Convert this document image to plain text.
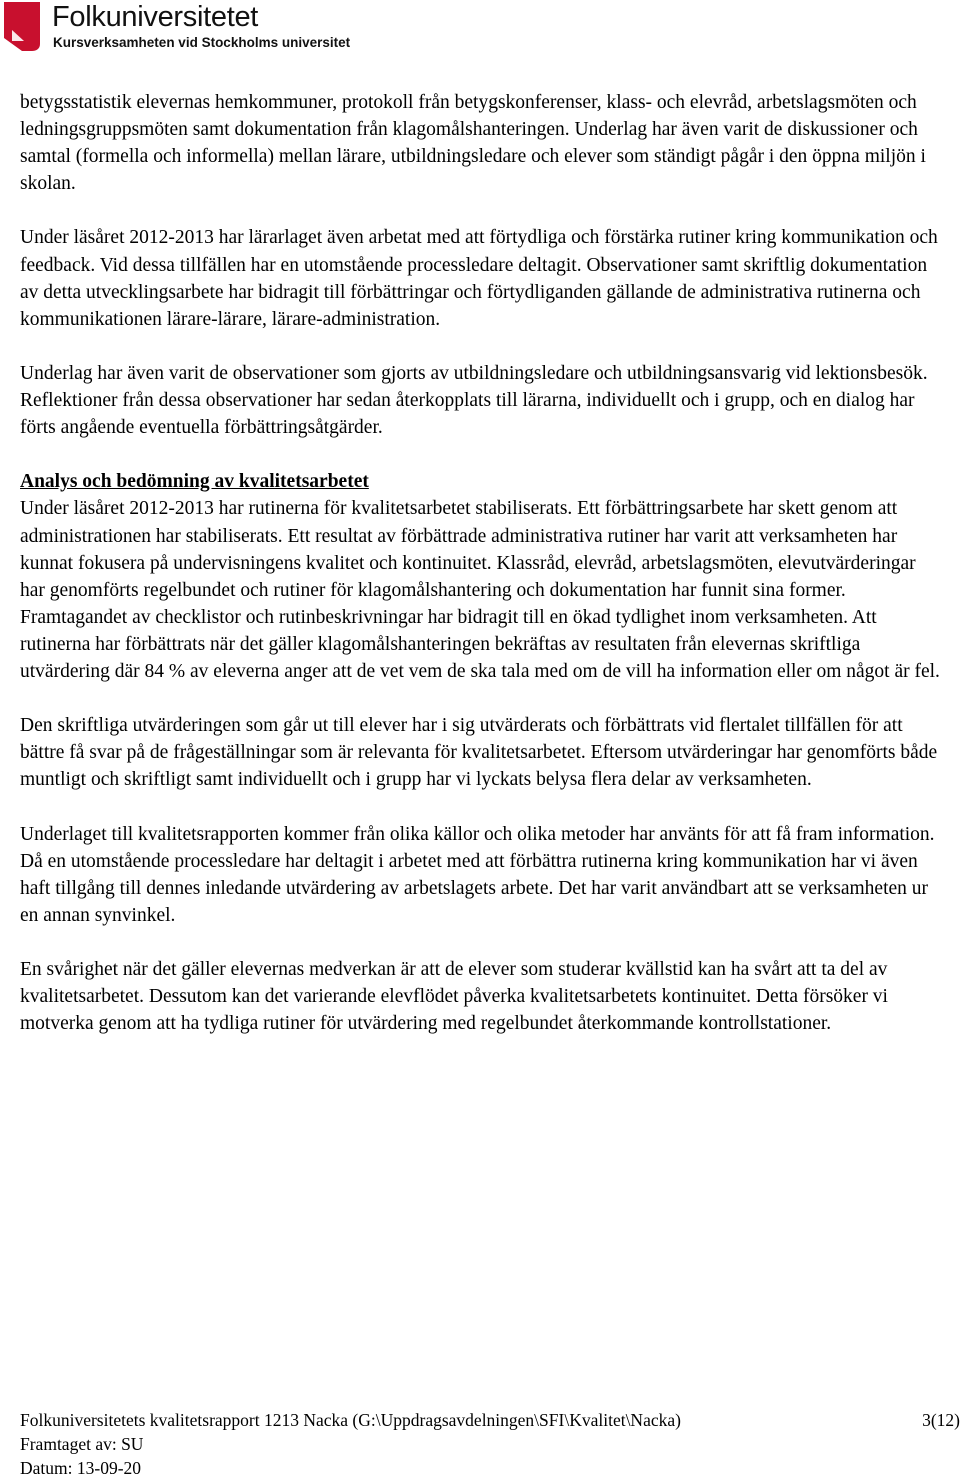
Folkuniversitetet
Kursverksamheten vid Stockholms universitet

betygsstatistik elevernas hemkommuner, protokoll från betygskonferenser, klass- och elevråd, arbetslagsmöten och ledningsgruppsmöten samt dokumentation från klagomålshanteringen. Underlag har även varit de diskussioner och samtal (formella och informella) mellan lärare, utbildningsledare och elever som ständigt pågår i den öppna miljön i skolan.

Under läsåret 2012-2013 har lärarlaget även arbetat med att förtydliga och förstärka rutiner kring kommunikation och feedback. Vid dessa tillfällen har en utomstående processledare deltagit. Observationer samt skriftlig dokumentation av detta utvecklingsarbete har bidragit till förbättringar och förtydliganden gällande de administrativa rutinerna och kommunikationen lärare-lärare, lärare-administration.

Underlag har även varit de observationer som gjorts av utbildningsledare och utbildningsansvarig vid lektionsbesök. Reflektioner från dessa observationer har sedan återkopplats till lärarna, individuellt och i grupp, och en dialog har förts angående eventuella förbättringsåtgärder.

Analys och bedömning av kvalitetsarbetet

Under läsåret 2012-2013 har rutinerna för kvalitetsarbetet stabiliserats. Ett förbättringsarbete har skett genom att administrationen har stabiliserats. Ett resultat av förbättrade administrativa rutiner har varit att verksamheten har kunnat fokusera på undervisningens kvalitet och kontinuitet. Klassråd, elevråd, arbetslagsmöten, elevutvärderingar har genomförts regelbundet och rutiner för klagomålshantering och dokumentation har funnit sina former. Framtagandet av checklistor och rutinbeskrivningar har bidragit till en ökad tydlighet inom verksamheten. Att rutinerna har förbättrats när det gäller klagomålshanteringen bekräftas av resultaten från elevernas skriftliga utvärdering där 84 % av eleverna anger att de vet vem de ska tala med om de vill ha information eller om något är fel.

Den skriftliga utvärderingen som går ut till elever har i sig utvärderats och förbättrats vid flertalet tillfällen för att bättre få svar på de frågeställningar som är relevanta för kvalitetsarbetet. Eftersom utvärderingar har genomförts både muntligt och skriftligt samt individuellt och i grupp har vi lyckats belysa flera delar av verksamheten.

Underlaget till kvalitetsrapporten kommer från olika källor och olika metoder har använts för att få fram information. Då en utomstående processledare har deltagit i arbetet med att förbättra rutinerna kring kommunikation har vi även haft tillgång till dennes inledande utvärdering av arbetslagets arbete. Det har varit användbart att se verksamheten ur en annan synvinkel.

En svårighet när det gäller elevernas medverkan är att de elever som studerar kvällstid kan ha svårt att ta del av kvalitetsarbetet. Dessutom kan det varierande elevflödet påverka kvalitetsarbetets kontinuitet. Detta försöker vi motverka genom att ha tydliga rutiner för utvärdering med regelbundet återkommande kontrollstationer.

Folkuniversitetets kvalitetsrapport 1213 Nacka (G:\Uppdragsavdelningen\SFI\Kvalitet\Nacka)	3(12)
Framtaget av: SU
Datum: 13-09-20
